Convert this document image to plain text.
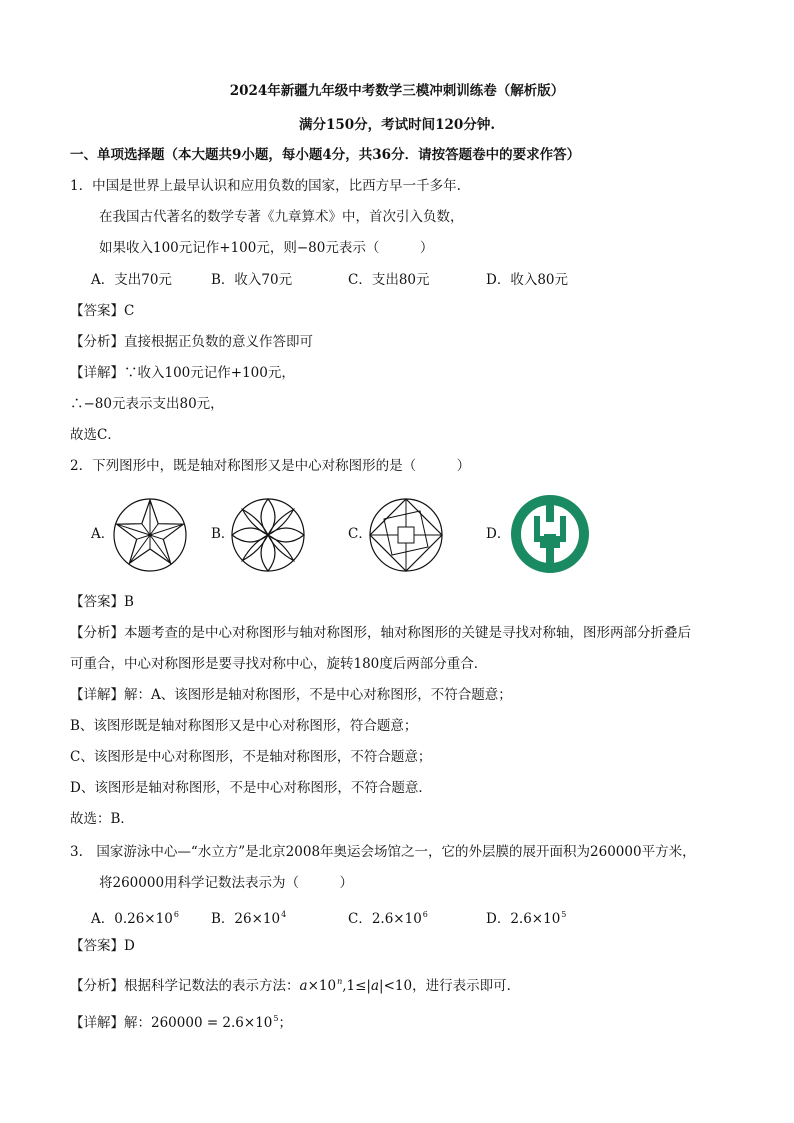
2024年新疆九年级中考数学三模冲刺训练卷（解析版）
满分150分，考试时间120分钟.
一、单项选择题（本大题共9小题，每小题4分，共36分．请按答题卷中的要求作答）
1．中国是世界上最早认识和应用负数的国家，比西方早一千多年.
在我国古代著名的数学专著《九章算术》中，首次引入负数，
如果收入100元记作+100元，则−80元表示（　　　）
A．支出70元	B．收入70元	C．支出80元	D．收入80元
【答案】C
【分析】直接根据正负数的意义作答即可
【详解】∵收入100元记作+100元，
∴−80元表示支出80元，
故选C．
2．下列图形中，既是轴对称图形又是中心对称图形的是（　　　）
A．	B．	C．	D．
【答案】B
【分析】本题考查的是中心对称图形与轴对称图形，轴对称图形的关键是寻找对称轴，图形两部分折叠后
可重合，中心对称图形是要寻找对称中心，旋转180度后两部分重合．
【详解】解：A、该图形是轴对称图形，不是中心对称图形，不符合题意；
B、该图形既是轴对称图形又是中心对称图形，符合题意；
C、该图形是中心对称图形，不是轴对称图形，不符合题意；
D、该图形是轴对称图形，不是中心对称图形，不符合题意．
故选：B．
3.　国家游泳中心—“水立方”是北京2008年奥运会场馆之一，它的外层膜的展开面积为260000平方米，
将260000用科学记数法表示为（　　　）
A．$0.26\times 10^6$ B．$26\times 10^4$	C．$2.6\times 10^6$	D．$2.6\times 10^5$
【答案】D
【分析】根据科学记数法的表示方法：$a\times 10^n,1\le|a|<10$，进行表示即可．
【详解】解：$260000 = 2.6\times 10^5$；
